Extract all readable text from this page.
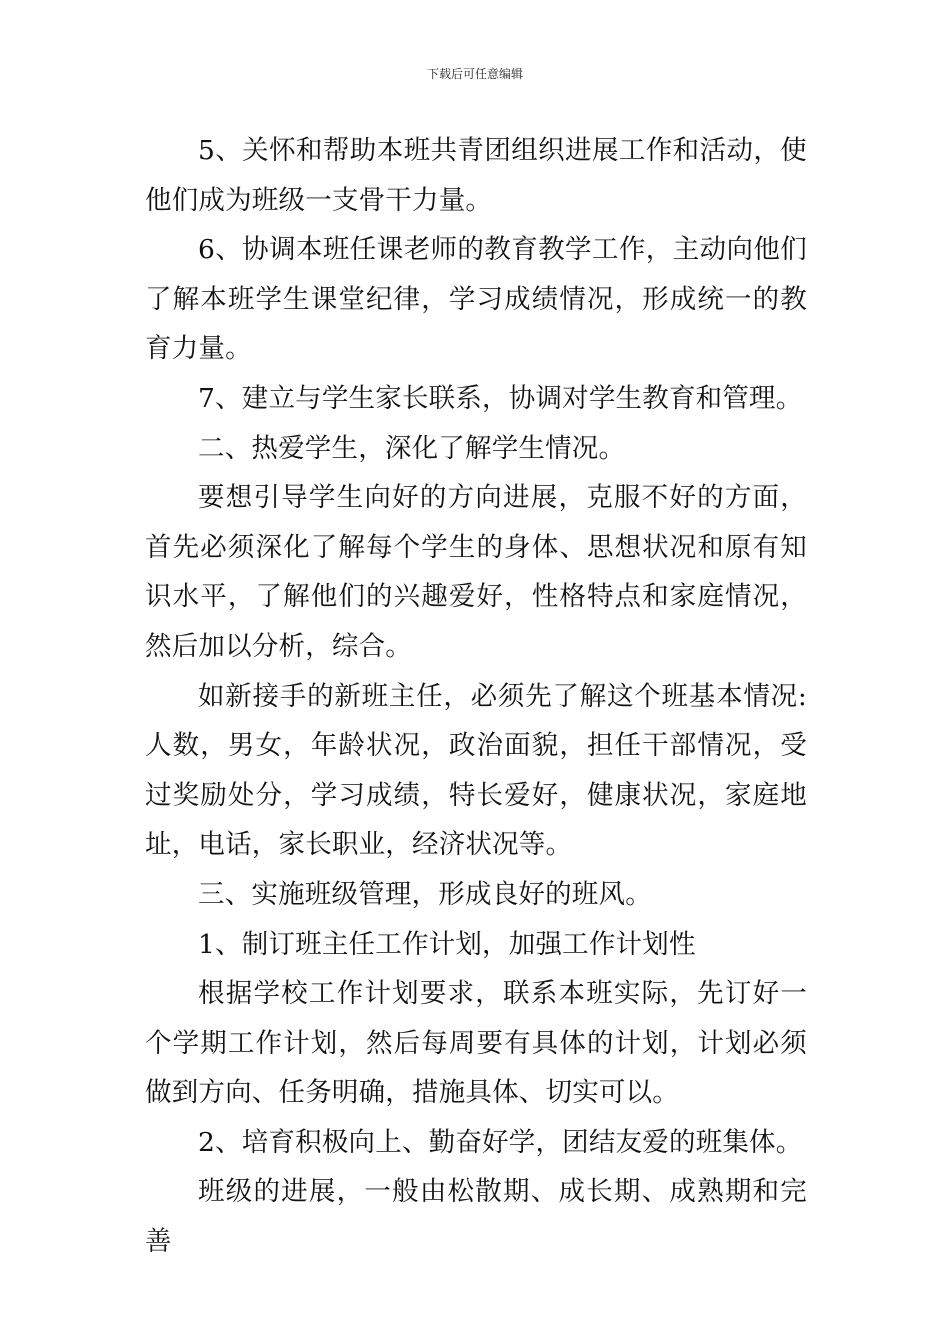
下载后可任意编辑

5、关怀和帮助本班共青团组织进展工作和活动，使他们成为班级一支骨干力量。

6、协调本班任课老师的教育教学工作，主动向他们了解本班学生课堂纪律，学习成绩情况，形成统一的教育力量。

7、建立与学生家长联系，协调对学生教育和管理。

二、热爱学生，深化了解学生情况。

要想引导学生向好的方向进展，克服不好的方面，首先必须深化了解每个学生的身体、思想状况和原有知识水平，了解他们的兴趣爱好，性格特点和家庭情况，然后加以分析，综合。

如新接手的新班主任，必须先了解这个班基本情况:人数，男女，年龄状况，政治面貌，担任干部情况，受过奖励处分，学习成绩，特长爱好，健康状况，家庭地址，电话，家长职业，经济状况等。

三、实施班级管理，形成良好的班风。

1、制订班主任工作计划，加强工作计划性

根据学校工作计划要求，联系本班实际，先订好一个学期工作计划，然后每周要有具体的计划，计划必须做到方向、任务明确，措施具体、切实可以。

2、培育积极向上、勤奋好学，团结友爱的班集体。

班级的进展，一般由松散期、成长期、成熟期和完善
